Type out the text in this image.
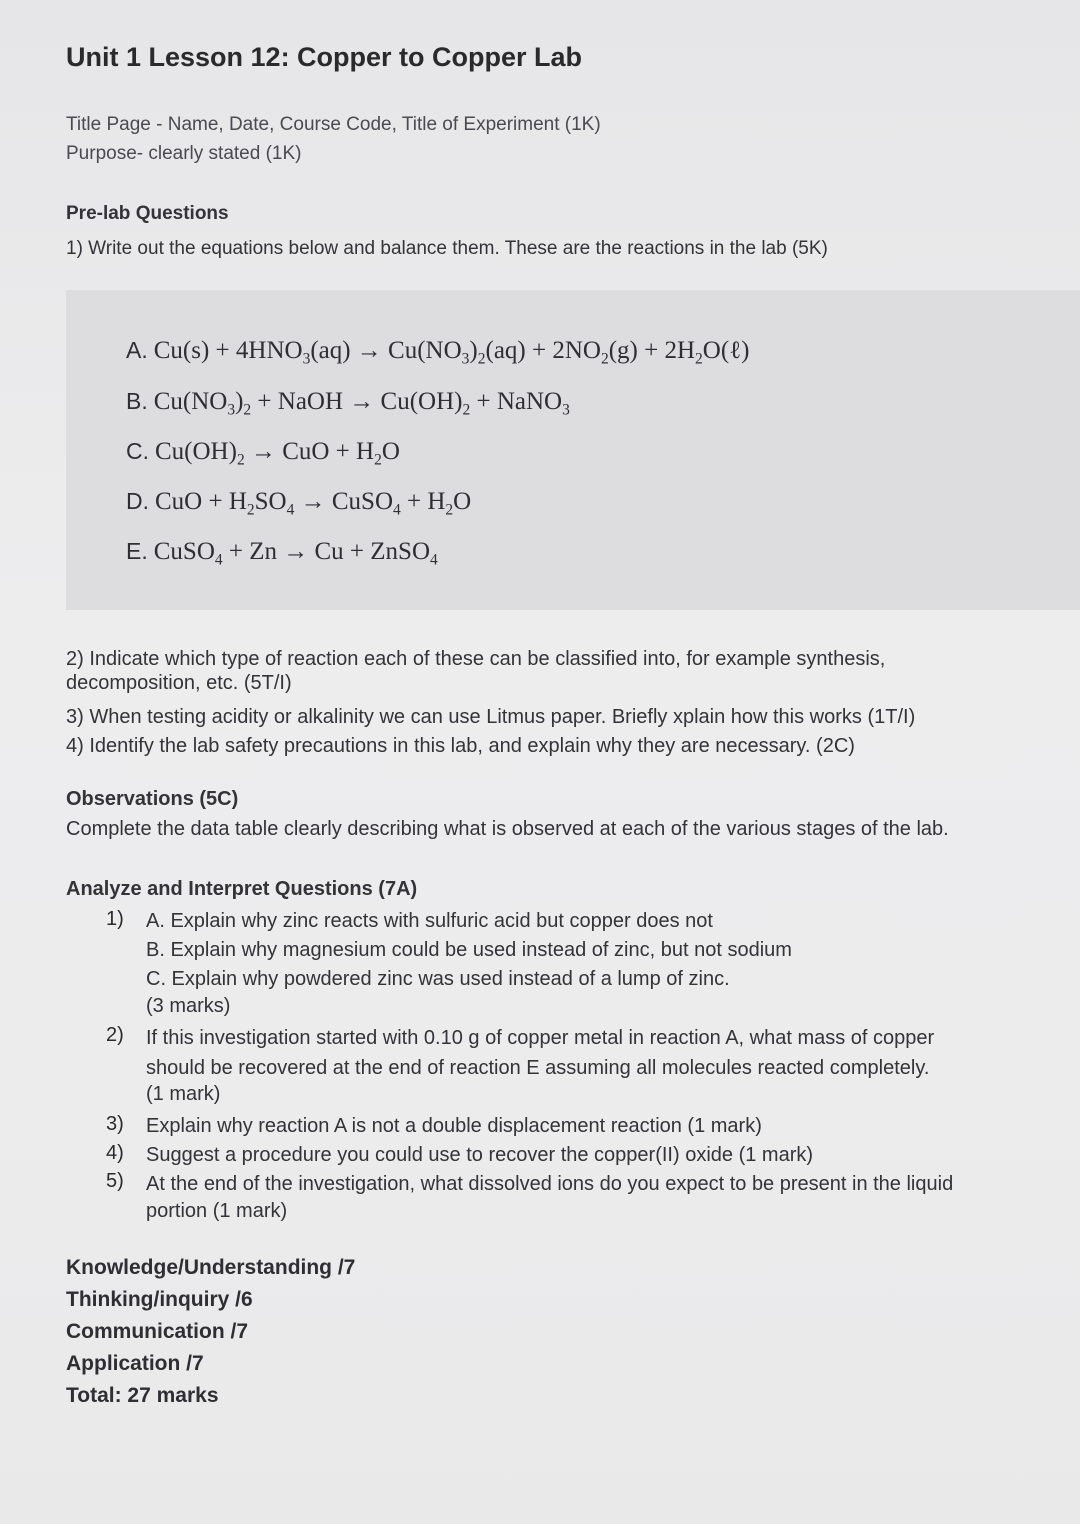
Unit 1 Lesson 12: Copper to Copper Lab
Title Page - Name, Date, Course Code, Title of Experiment (1K)
Purpose- clearly stated (1K)
Pre-lab Questions
1) Write out the equations below and balance them. These are the reactions in the lab (5K)
A. $Cu(s) + 4HNO_3(aq) \to Cu(NO_3)_2(aq) + 2NO_2(g)$ + $2H_2O(\ell)$
B. $Cu(NO_3)_2$ + NaOH → $Cu(OH)_2$ + NaNO$_3$
C. $Cu(OH)_2$ → CuO + $H_2O$
D. CuO + $H_2SO_4$ → CuSO$_4$ + $H_2O$
E. CuSO$_4$ + Zn → Cu + ZnSO$_4$
2) Indicate which type of reaction each of these can be classified into, for example synthesis,
decomposition, etc. (5T/I)
3) When testing acidity or alkalinity we can use Litmus paper. Briefly xplain how this works (1T/I)
4) Identify the lab safety precautions in this lab, and explain why they are necessary. (2C)
Observations (5C)
Complete the data table clearly describing what is observed at each of the various stages of the lab.
Analyze and Interpret Questions (7A)
1) A. Explain why zinc reacts with sulfuric acid but copper does not
B. Explain why magnesium could be used instead of zinc, but not sodium
C. Explain why powdered zinc was used instead of a lump of zinc.
(3 marks)
2) If this investigation started with 0.10 g of copper metal in reaction A, what mass of copper
should be recovered at the end of reaction E assuming all molecules reacted completely.
(1 mark)
3) Explain why reaction A is not a double displacement reaction (1 mark)
4) Suggest a procedure you could use to recover the copper(II) oxide (1 mark)
5) At the end of the investigation, what dissolved ions do you expect to be present in the liquid
portion (1 mark)
Knowledge/Understanding /7
Thinking/inquiry /6
Communication /7
Application /7
Total: 27 marks
